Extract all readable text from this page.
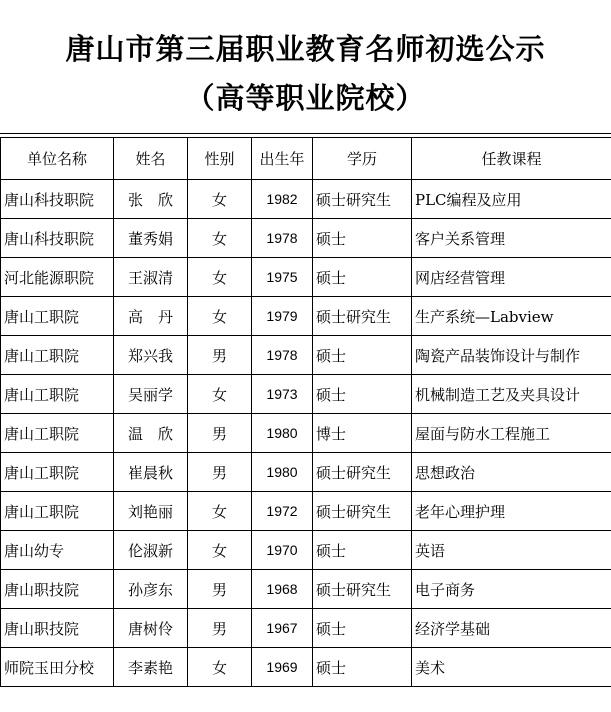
唐山市第三届职业教育名师初选公示
（高等职业院校）
单位名称	姓名	性别	出生年	学历	任教课程
唐山科技职院	张　欣	女	1982	硕士研究生	PLC编程及应用
唐山科技职院	董秀娟	女	1978	硕士	客户关系管理
河北能源职院	王淑清	女	1975	硕士	网店经营管理
唐山工职院	高　丹	女	1979	硕士研究生	生产系统—Labview
唐山工职院	郑兴我	男	1978	硕士	陶瓷产品装饰设计与制作
唐山工职院	吴丽学	女	1973	硕士	机械制造工艺及夹具设计
唐山工职院	温　欣	男	1980	博士	屋面与防水工程施工
唐山工职院	崔晨秋	男	1980	硕士研究生	思想政治
唐山工职院	刘艳丽	女	1972	硕士研究生	老年心理护理
唐山幼专	伦淑新	女	1970	硕士	英语
唐山职技院	孙彦东	男	1968	硕士研究生	电子商务
唐山职技院	唐树伶	男	1967	硕士	经济学基础
师院玉田分校	李素艳	女	1969	硕士	美术
